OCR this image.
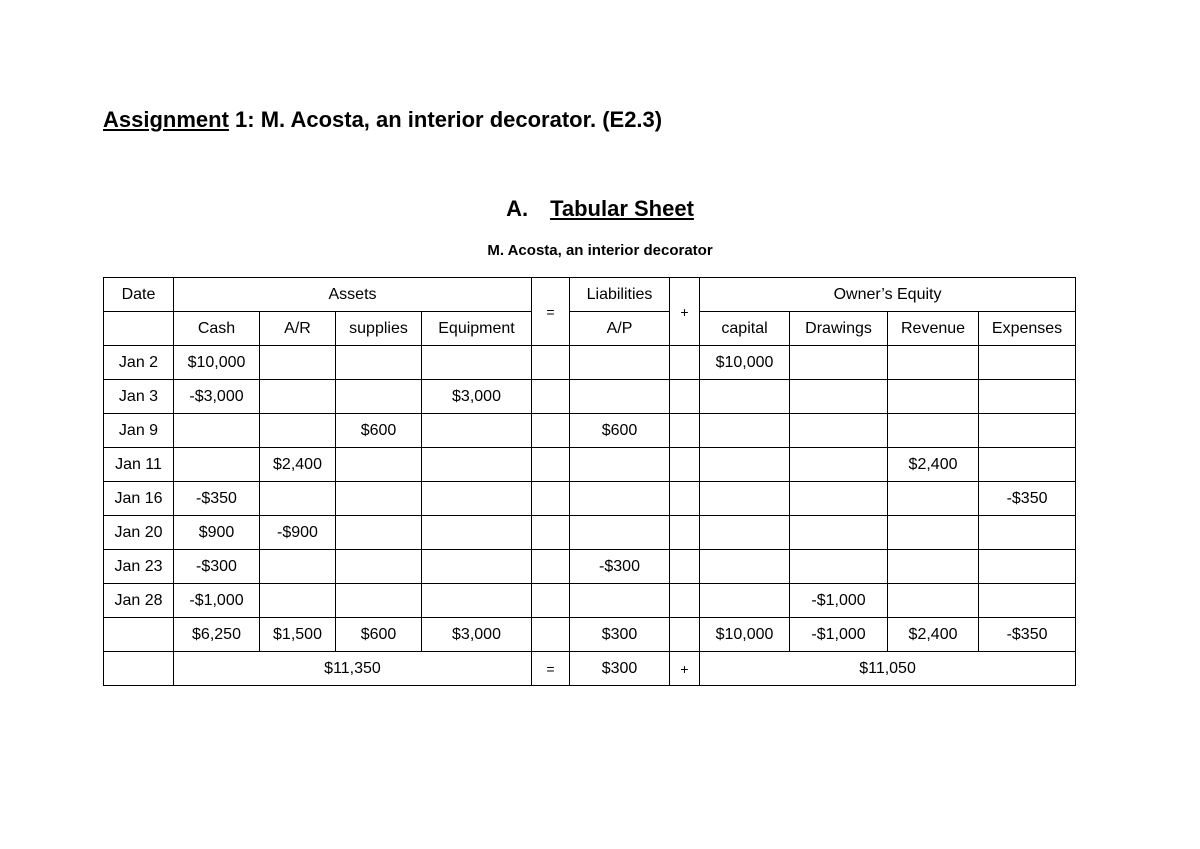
Assignment 1: M. Acosta, an interior decorator. (E2.3)
A. Tabular Sheet
M. Acosta, an interior decorator
Date	Assets				=	Liabilities	+	Owner’s Equity			
	Cash	A/R	supplies	Equipment		A/P		capital	Drawings	Revenue	Expenses
Jan 2	$10,000							$10,000			
Jan 3	-$3,000			$3,000							
Jan 9			$600			$600					
Jan 11		$2,400								$2,400	
Jan 16	-$350										-$350
Jan 20	$900	-$900									
Jan 23	-$300					-$300					
Jan 28	-$1,000								-$1,000		
	$6,250	$1,500	$600	$3,000		$300		$10,000	-$1,000	$2,400	-$350
	$11,350				=	$300	+	$11,050			
